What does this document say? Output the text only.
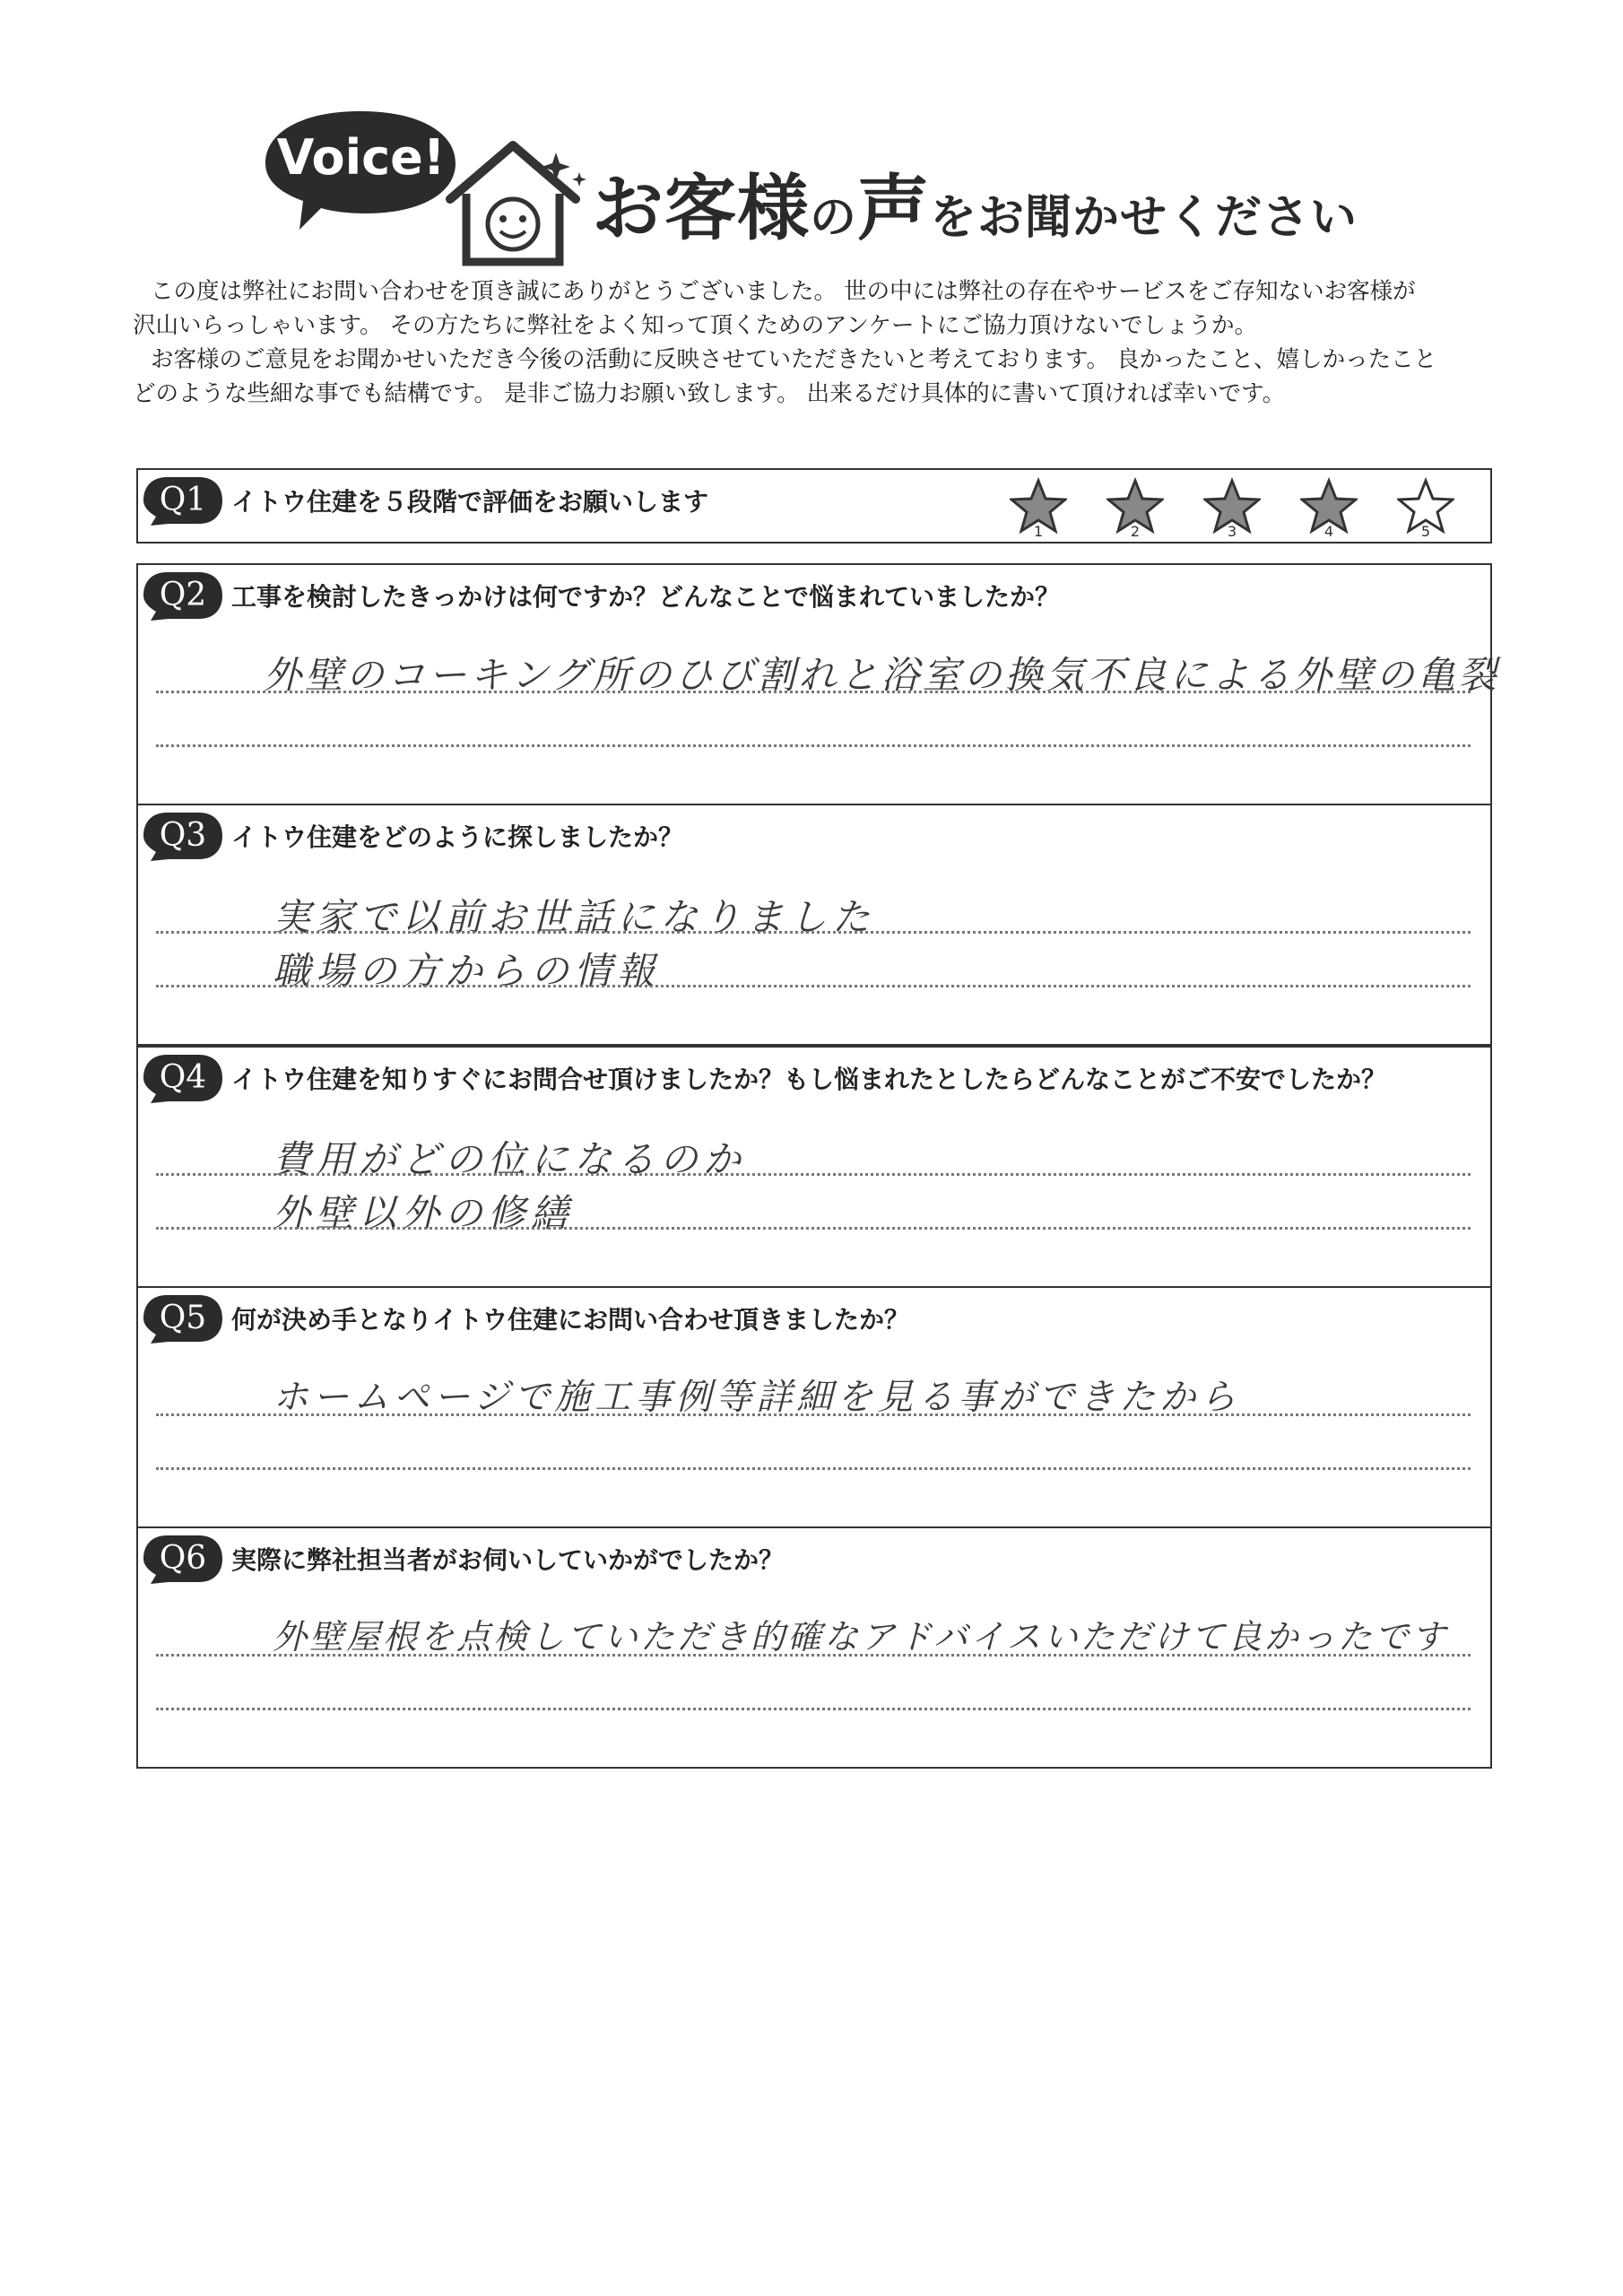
Voice!
お客様の声をお聞かせください

この度は弊社にお問い合わせを頂き誠にありがとうございました。 世の中には弊社の存在やサービスをご存知ないお客様が

沢山いらっしゃいます。 その方たちに弊社をよく知って頂くためのアンケートにご協力頂けないでしょうか。

お客様のご意見をお聞かせいただき今後の活動に反映させていただきたいと考えております。 良かったこと、嬉しかったこと

どのような些細な事でも結構です。 是非ご協力お願い致します。 出来るだけ具体的に書いて頂ければ幸いです。

Q1 イトウ住建を５段階で評価をお願いします
1	2	3	4	5
Q2 工事を検討したきっかけは何ですか？どんなことで悩まれていましたか？
外壁のコーキング所のひび割れと浴室の換気不良による外壁の亀裂
Q3 イトウ住建をどのように探しましたか？
実家で以前お世話になりました
職場の方からの情報
Q4 イトウ住建を知りすぐにお問合せ頂けましたか？もし悩まれたとしたらどんなことがご不安でしたか？
費用がどの位になるのか
外壁以外の修繕
Q5 何が決め手となりイトウ住建にお問い合わせ頂きましたか？
ホームページで施工事例等詳細を見る事ができたから
Q6 実際に弊社担当者がお伺いしていかがでしたか？
外壁屋根を点検していただき的確なアドバイスいただけて良かったです
